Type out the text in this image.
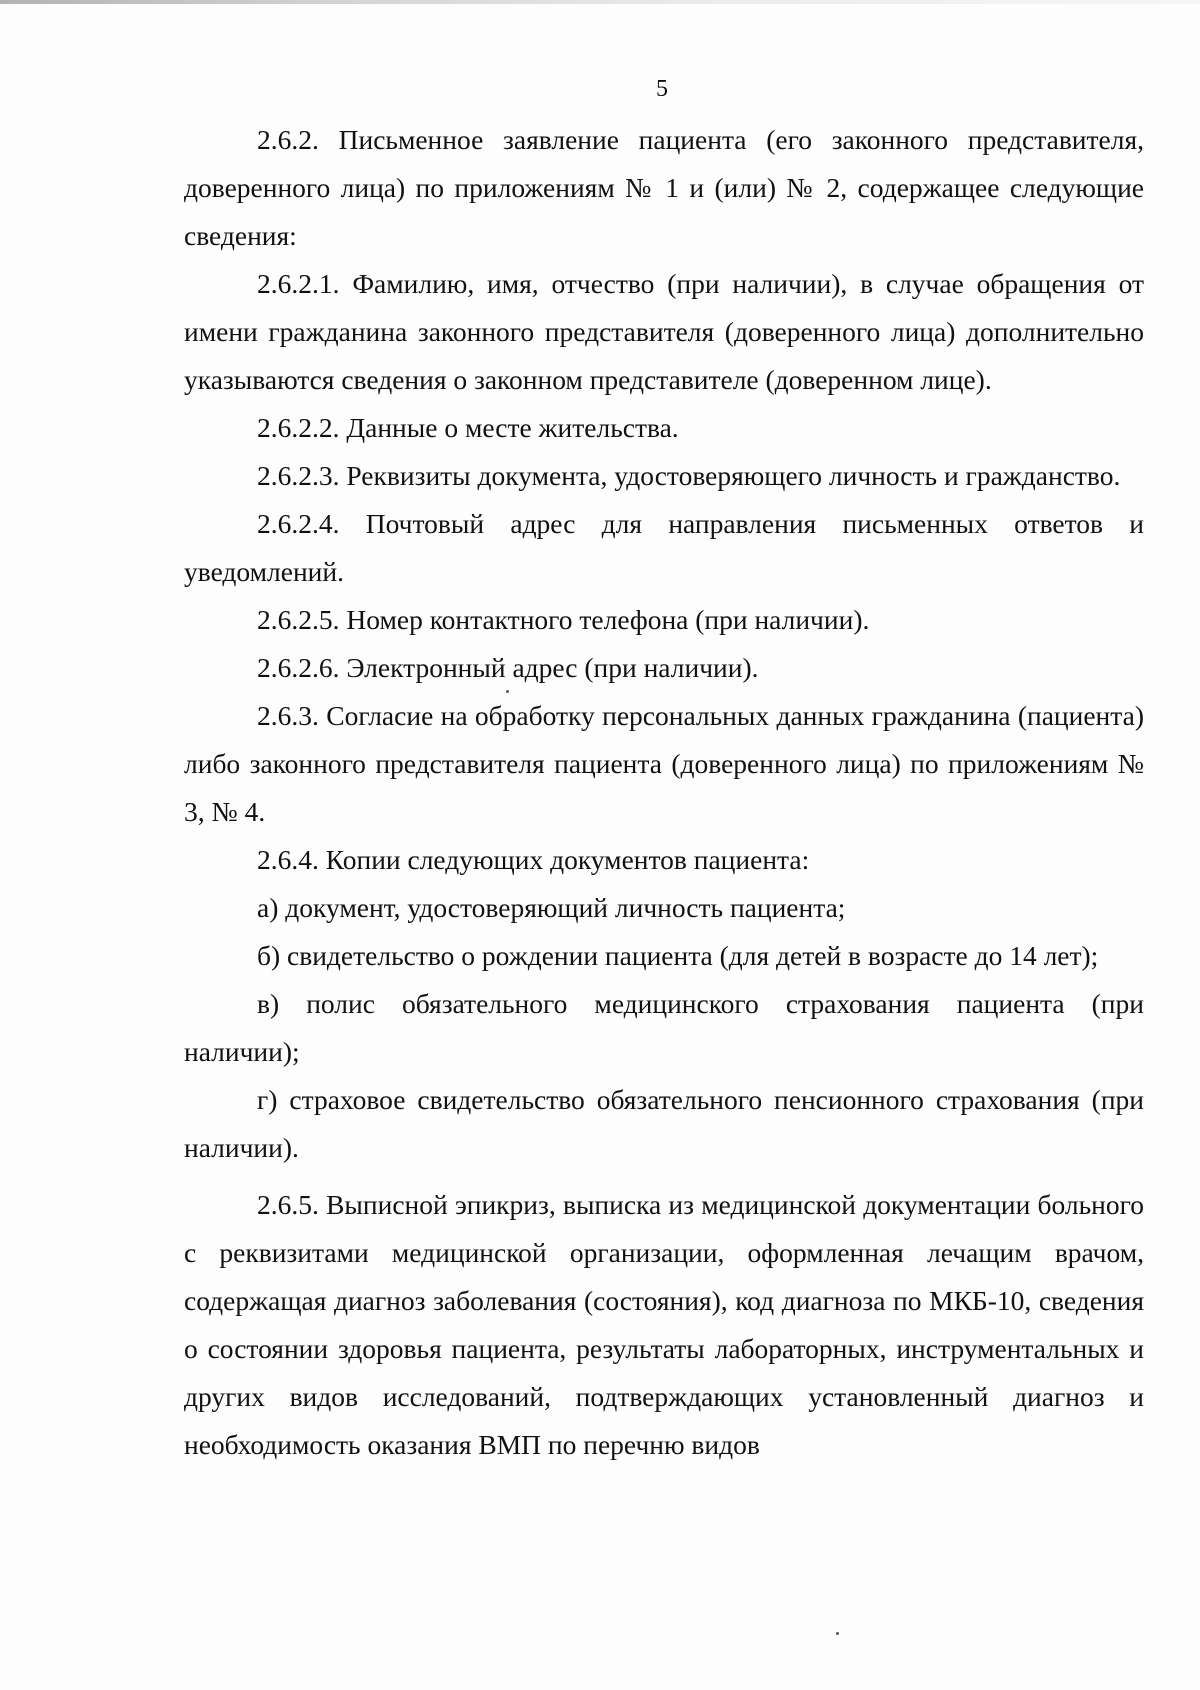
5

2.6.2. Письменное заявление пациента (его законного представителя, доверенного лица) по приложениям № 1 и (или) № 2, содержащее следующие сведения:

2.6.2.1. Фамилию, имя, отчество (при наличии), в случае обращения от имени гражданина законного представителя (доверенного лица) дополнительно указываются сведения о законном представителе (доверенном лице).

2.6.2.2. Данные о месте жительства.

2.6.2.3. Реквизиты документа, удостоверяющего личность и гражданство.

2.6.2.4. Почтовый адрес для направления письменных ответов и уведомлений.

2.6.2.5. Номер контактного телефона (при наличии).

2.6.2.6. Электронный адрес (при наличии).

2.6.3. Согласие на обработку персональных данных гражданина (пациента) либо законного представителя пациента (доверенного лица) по приложениям № 3, № 4.

2.6.4. Копии следующих документов пациента:

а) документ, удостоверяющий личность пациента;

б) свидетельство о рождении пациента (для детей в возрасте до 14 лет);

в) полис обязательного медицинского страхования пациента (при наличии);

г) страховое свидетельство обязательного пенсионного страхования (при наличии).

2.6.5. Выписной эпикриз, выписка из медицинской документации больного с реквизитами медицинской организации, оформленная лечащим врачом, содержащая диагноз заболевания (состояния), код диагноза по МКБ-10, сведения о состоянии здоровья пациента, результаты лабораторных, инструментальных и других видов исследований, подтверждающих установленный диагноз и необходимость оказания ВМП по перечню видов
